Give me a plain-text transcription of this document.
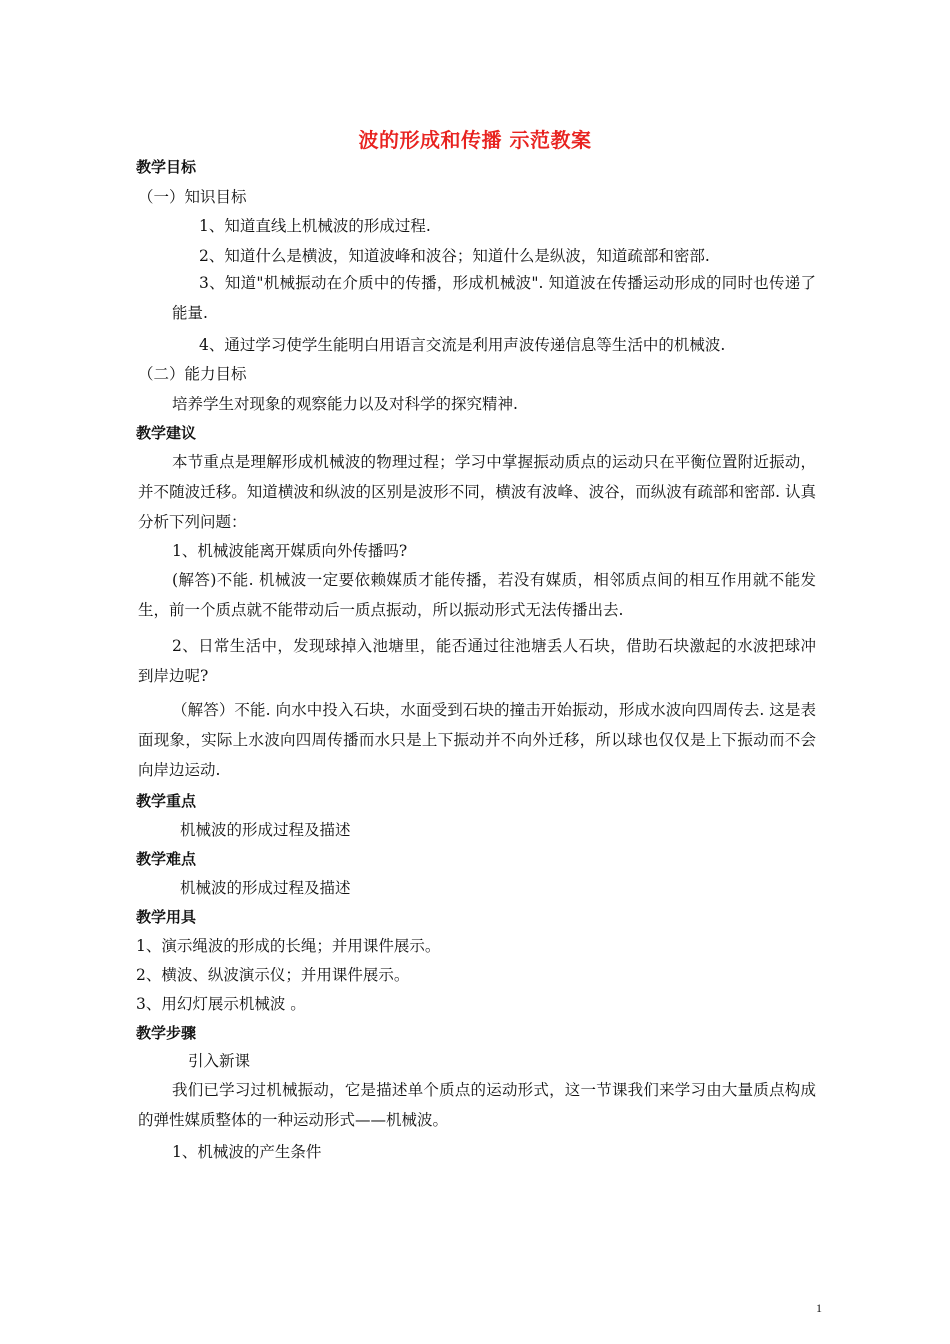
波的形成和传播 示范教案
教学目标
（一）知识目标
1、知道直线上机械波的形成过程.
2、知道什么是横波，知道波峰和波谷；知道什么是纵波，知道疏部和密部.
3、知道"机械振动在介质中的传播，形成机械波". 知道波在传播运动形成的同时也传递了能量.
4、通过学习使学生能明白用语言交流是利用声波传递信息等生活中的机械波.
（二）能力目标
培养学生对现象的观察能力以及对科学的探究精神.
教学建议
本节重点是理解形成机械波的物理过程；学习中掌握振动质点的运动只在平衡位置附近振动，并不随波迁移。知道横波和纵波的区别是波形不同，横波有波峰、波谷，而纵波有疏部和密部. 认真分析下列问题：
1、机械波能离开媒质向外传播吗?
(解答)不能. 机械波一定要依赖媒质才能传播，若没有媒质，相邻质点间的相互作用就不能发生，前一个质点就不能带动后一质点振动，所以振动形式无法传播出去.
2、日常生活中，发现球掉入池塘里，能否通过往池塘丢人石块，借助石块激起的水波把球冲到岸边呢?
（解答）不能. 向水中投入石块，水面受到石块的撞击开始振动，形成水波向四周传去. 这是表面现象，实际上水波向四周传播而水只是上下振动并不向外迁移，所以球也仅仅是上下振动而不会向岸边运动.
教学重点
机械波的形成过程及描述
教学难点
机械波的形成过程及描述
教学用具
1、演示绳波的形成的长绳；并用课件展示。
2、横波、纵波演示仪；并用课件展示。
3、用幻灯展示机械波 。
教学步骤
引入新课
我们已学习过机械振动，它是描述单个质点的运动形式，这一节课我们来学习由大量质点构成的弹性媒质整体的一种运动形式——机械波。
1、机械波的产生条件
1
